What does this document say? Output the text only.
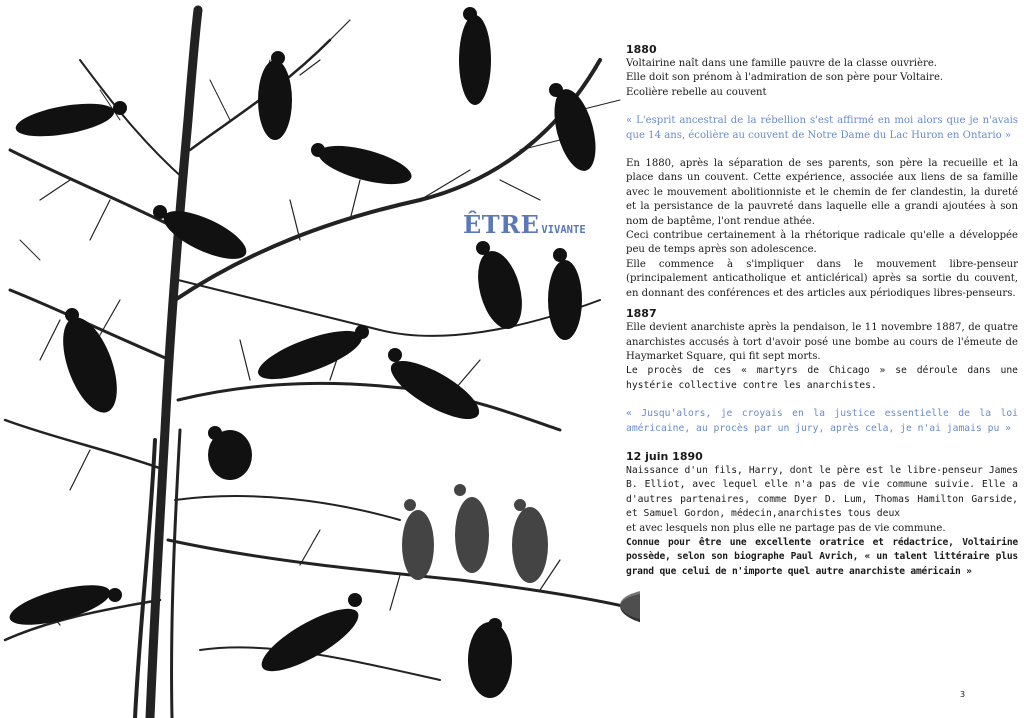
ÊTRE VIVANTE

1880

Voltairine naît dans une famille pauvre de la classe ouvrière.

Elle doit son prénom à l'admiration de son père pour Voltaire.

Ecolière rebelle au couvent

« L'esprit ancestral de la rébellion s'est affirmé en moi alors que je n'avais que 14 ans, écolière au couvent de Notre Dame du Lac Huron en Ontario »

En 1880, après la séparation de ses parents, son père la recueille et la place dans un couvent. Cette expérience, associée aux liens de sa famille avec le mouvement abolitionniste et le chemin de fer clandestin, la dureté et la persistance de la pauvreté dans laquelle elle a grandi ajoutées à son nom de baptême, l'ont rendue athée.

Ceci contribue certainement à la rhétorique radicale qu'elle a développée peu de temps après son adolescence.

Elle commence à s'impliquer dans le mouvement libre-penseur (principalement anticatholique et anticlérical) après sa sortie du couvent, en donnant des conférences et des articles aux périodiques libres-penseurs.

1887

Elle devient anarchiste après la pendaison, le 11 novembre 1887, de quatre anarchistes accusés à tort d'avoir posé une bombe au cours de l'émeute de Haymarket Square, qui fit sept morts.

Le procès de ces « martyrs de Chicago » se déroule dans une hystérie collective contre les anarchistes.

« Jusqu'alors, je croyais en la justice essentielle de la loi américaine, au procès par un jury, après cela, je n'ai jamais pu »

12 juin 1890

Naissance d'un fils, Harry, dont le père est le libre-penseur James B. Elliot, avec lequel elle n'a pas de vie commune suivie. Elle a d'autres partenaires, comme Dyer D. Lum, Thomas Hamilton Garside, et Samuel Gordon, médecin,anarchistes tous deux

et avec lesquels non plus elle ne partage pas de vie commune.

Connue pour être une excellente oratrice et rédactrice, Voltairine possède, selon son biographe Paul Avrich, « un talent littéraire plus grand que celui de n'importe quel autre anarchiste américain »

3
